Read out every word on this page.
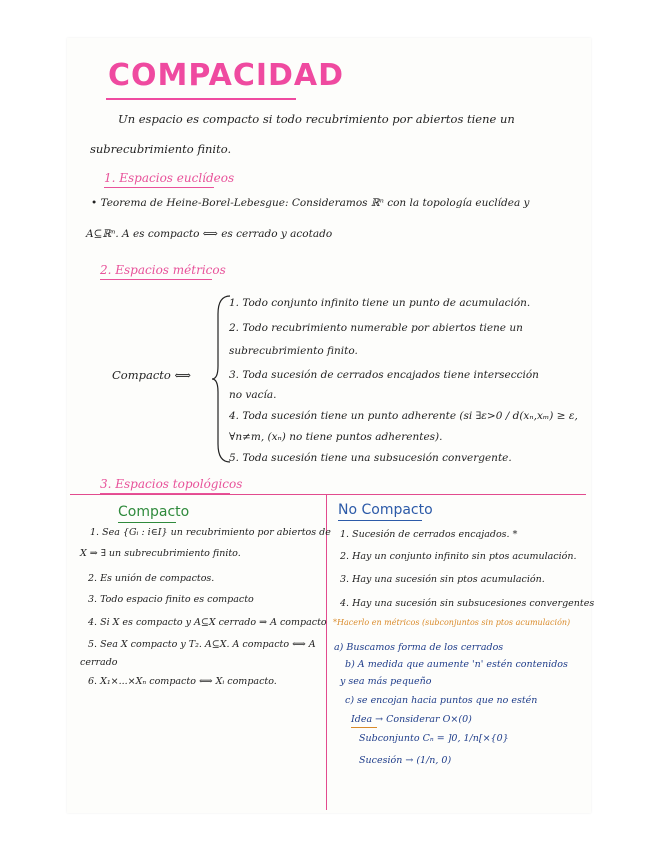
COMPACIDAD
Un espacio es compacto si todo recubrimiento por abiertos tiene un
subrecubrimiento finito.
1. Espacios euclídeos
• Teorema de Heine-Borel-Lebesgue: Consideramos ℝⁿ con la topología euclídea y
A⊆ℝⁿ. A es compacto ⟺ es cerrado y acotado
2. Espacios métricos
Compacto ⟺
1. Todo conjunto infinito tiene un punto de acumulación.
2. Todo recubrimiento numerable por abiertos tiene un
subrecubrimiento finito.
3. Toda sucesión de cerrados encajados tiene intersección
no vacía.
4. Toda sucesión tiene un punto adherente (si ∃ε>0 / d(xₙ,xₘ) ≥ ε,
∀n≠m, (xₙ) no tiene puntos adherentes).
5. Toda sucesión tiene una subsucesión convergente.
3. Espacios topológicos
Compacto	No Compacto
1. Sea {Gᵢ : i∈I} un recubrimiento por abiertos de
X ⇒ ∃ un subrecubrimiento finito.
2. Es unión de compactos.
3. Todo espacio finito es compacto
4. Si X es compacto y A⊆X cerrado ⇒ A compacto
5. Sea X compacto y T₂. A⊆X. A compacto ⟺ A
cerrado
6. X₁×...×Xₙ compacto ⟺ Xᵢ compacto.
1. Sucesión de cerrados encajados. *
2. Hay un conjunto infinito sin ptos acumulación.
3. Hay una sucesión sin ptos acumulación.
4. Hay una sucesión sin subsucesiones convergentes
*Hacerlo en métricos (subconjuntos sin ptos acumulación)
a) Buscamos forma de los cerrados
b) A medida que aumente 'n' estén contenidos
y sea más pequeño
c) se encojan hacia puntos que no estén
Idea → Considerar O×(0)
Subconjunto Cₙ = ]0, 1/n[×{0}
Sucesión → (1/n, 0)
